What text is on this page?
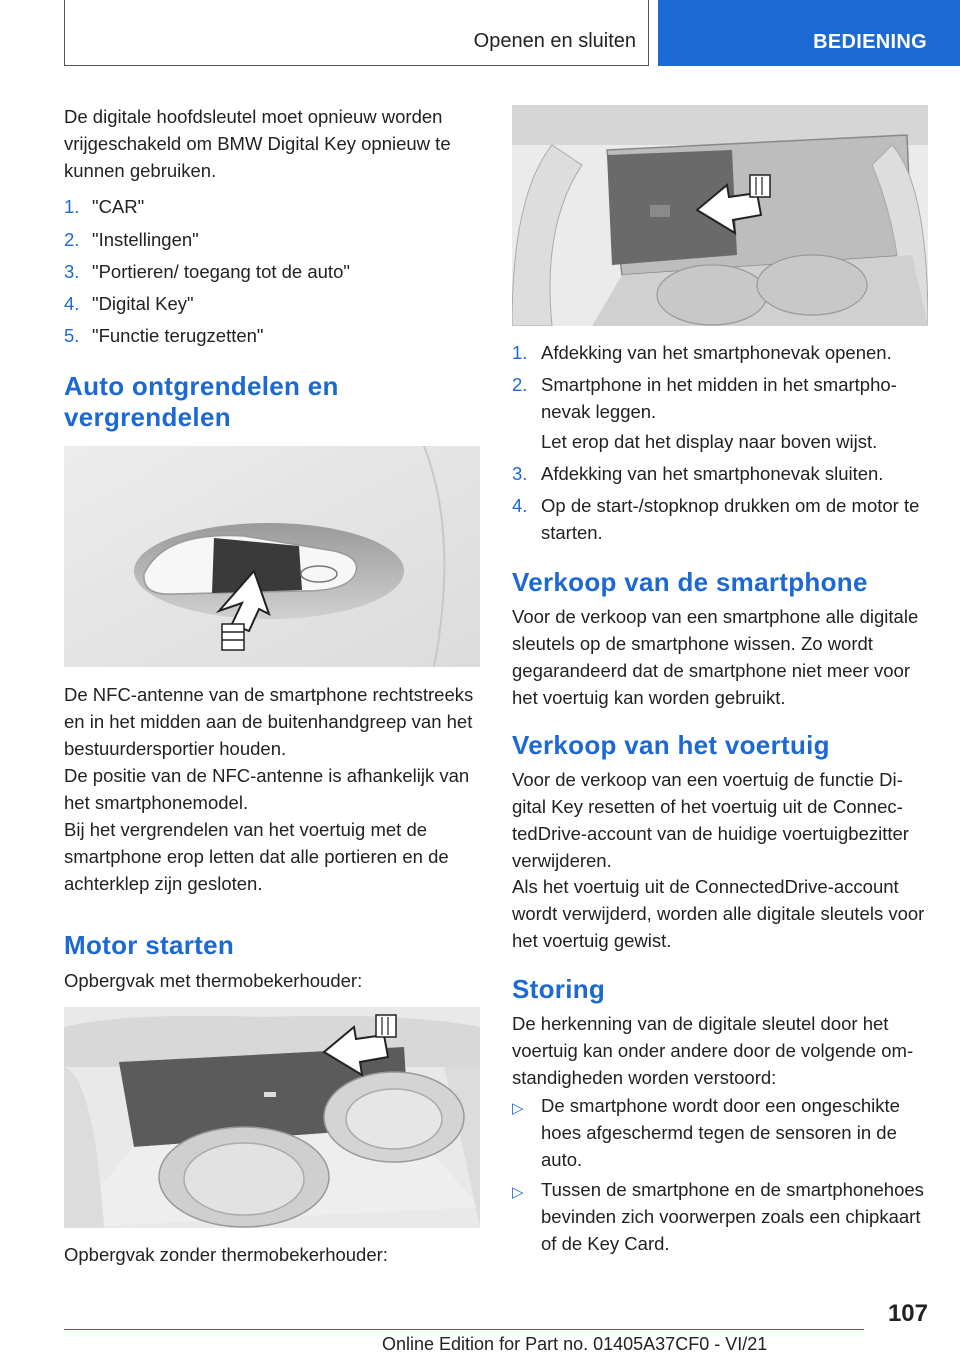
Openen en sluiten	BEDIENING
De digitale hoofdsleutel moet opnieuw worden vrijgeschakeld om BMW Digital Key opnieuw te kunnen gebruiken.
1. "CAR"
2. "Instellingen"
3. "Portieren/ toegang tot de auto"
4. "Digital Key"
5. "Functie terugzetten"
Auto ontgrendelen en
vergrendelen
De NFC-antenne van de smartphone rechtstreeks en in het midden aan de buitenhandgreep van het bestuurdersportier houden.
De positie van de NFC-antenne is afhankelijk van het smartphonemodel.
Bij het vergrendelen van het voertuig met de smartphone erop letten dat alle portieren en de achterklep zijn gesloten.
Motor starten
Opbergvak met thermobekerhouder:
Opbergvak zonder thermobekerhouder:
1. Afdekking van het smartphonevak openen.
2. Smartphone in het midden in het smartphonevak leggen.
Let erop dat het display naar boven wijst.
3. Afdekking van het smartphonevak sluiten.
4. Op de start-/stopknop drukken om de motor te starten.
Verkoop van de smartphone
Voor de verkoop van een smartphone alle digitale sleutels op de smartphone wissen. Zo wordt gegarandeerd dat de smartphone niet meer voor het voertuig kan worden gebruikt.
Verkoop van het voertuig
Voor de verkoop van een voertuig de functie Digital Key resetten of het voertuig uit de ConnectedDrive-account van de huidige voertuigbezitter verwijderen.
Als het voertuig uit de ConnectedDrive-account wordt verwijderd, worden alle digitale sleutels voor het voertuig gewist.
Storing
De herkenning van de digitale sleutel door het voertuig kan onder andere door de volgende omstandigheden worden verstoord:
▷ De smartphone wordt door een ongeschikte hoes afgeschermd tegen de sensoren in de auto.
▷ Tussen de smartphone en de smartphonehoes bevinden zich voorwerpen zoals een chipkaart of de Key Card.
107
Online Edition for Part no. 01405A37CF0 - VI/21
